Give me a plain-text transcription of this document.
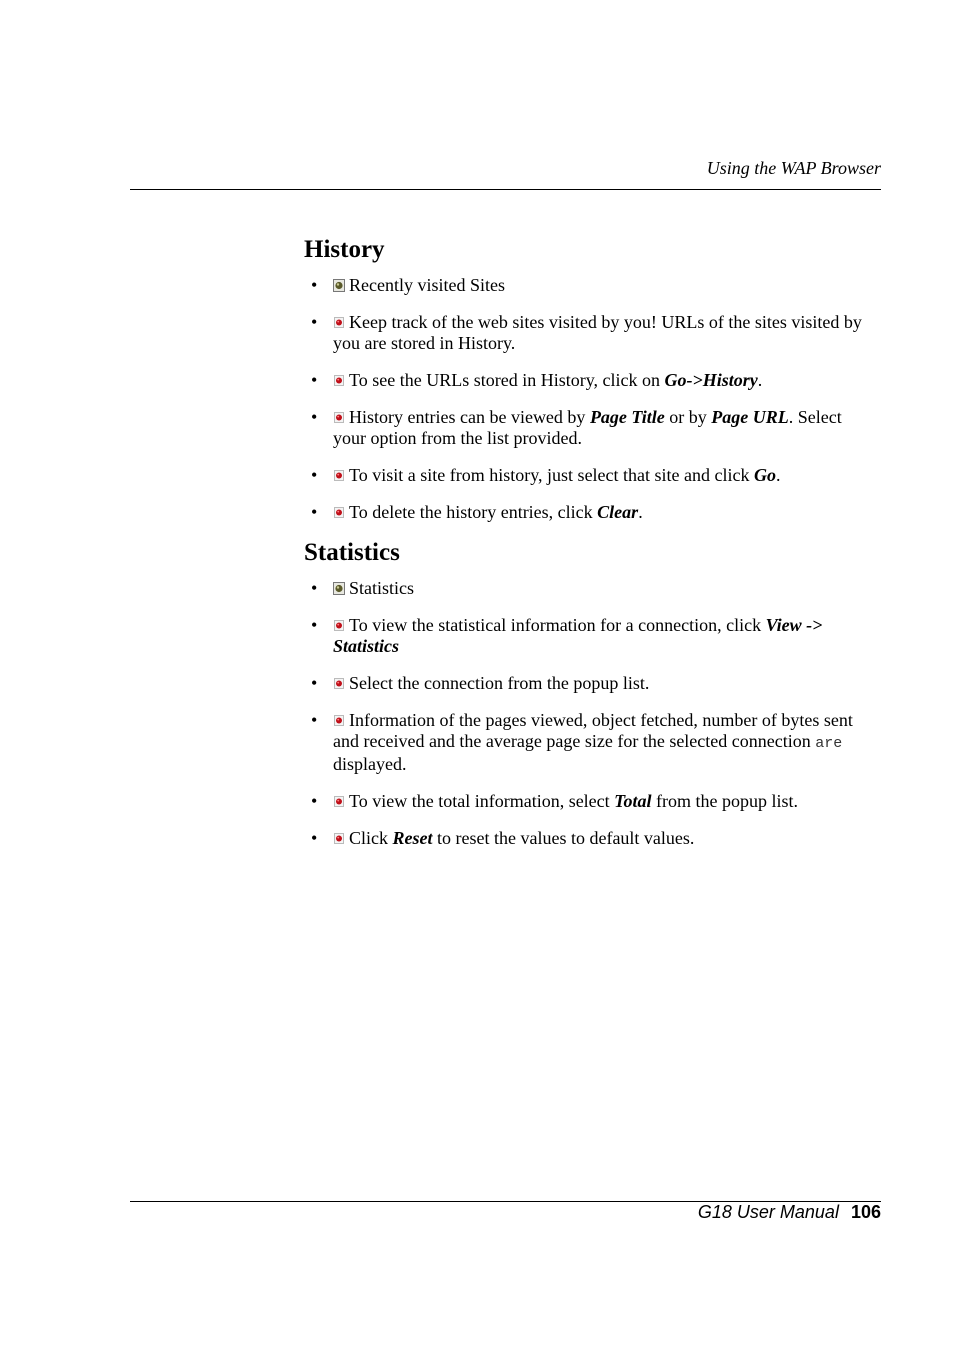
Using the WAP Browser
History
• Recently visited Sites
• Keep track of the web sites visited by you! URLs of the sites visited by you are stored in History.
• To see the URLs stored in History, click on Go->History.
• History entries can be viewed by Page Title or by Page URL. Select your option from the list provided.
• To visit a site from history, just select that site and click Go.
• To delete the history entries, click Clear.
Statistics
• Statistics
• To view the statistical information for a connection, click View -> Statistics
• Select the connection from the popup list.
• Information of the pages viewed, object fetched, number of bytes sent and received and the average page size for the selected connection are displayed.
• To view the total information, select Total from the popup list.
• Click Reset to reset the values to default values.
G18 User Manual 106
